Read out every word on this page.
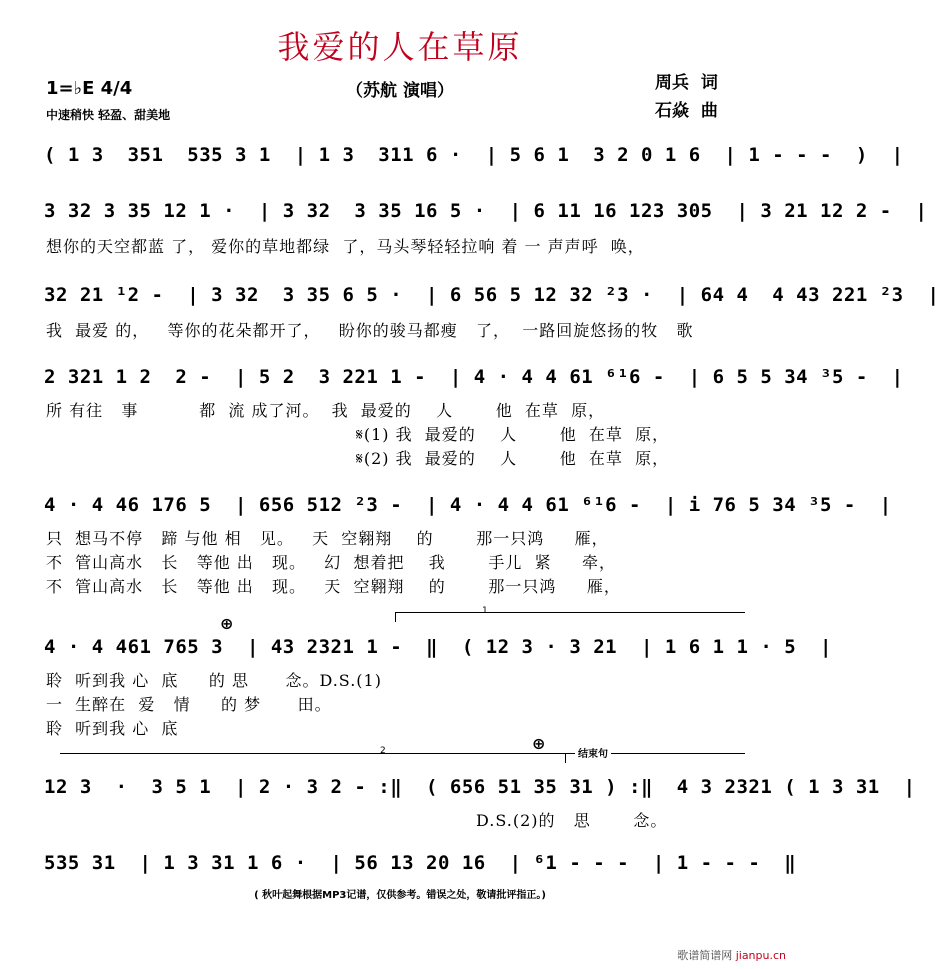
我爱的人在草原
（苏航 演唱）
1=♭E 4/4
中速稍快 轻盈、甜美地
周兵  词
石焱  曲
( 1 3  351  535 3 1  | 1 3  311 6 ·  | 5 6 1  3 2 0 1 6  | 1 - - -  )  |
3 32 3 35 12 1 ·  | 3 32  3 35 16 5 ·  | 6 11 16 123 305  | 3 21 12 2 -  |
想你的天空都蓝 了， 爱你的草地都绿  了，马头琴轻轻拉响 着 一 声声呼  唤，
32 21 ¹2 -  | 3 32  3 35 6 5 ·  | 6 56 5 12 32 ²3 ·  | 64 4  4 43 221 ²3  |
我  最爱 的，   等你的花朵都开了，   盼你的骏马都瘦   了，  一路回旋悠扬的牧   歌
2 321 1 2  2 -  | 5 2  3 221 1 -  | 4 · 4 4 61 ⁶¹6 -  | 6 5 5 34 ³5 -  |
所 有往   事          都  流 成了河。  我  最爱的    人       他  在草  原，
𝄋(1) 我  最爱的    人       他  在草  原，
𝄋(2) 我  最爱的    人       他  在草  原，
4 · 4 46 176 5  | 656 512 ²3 -  | 4 · 4 4 61 ⁶¹6 -  | i 76 5 34 ³5 -  |
只  想马不停   蹄 与他 相   见。   天  空翱翔    的       那一只鸿     雁，
不  管山高水   长   等他 出   现。   幻  想着把    我       手儿  紧     牵，
不  管山高水   长   等他 出   现。   天  空翱翔    的       那一只鸿     雁，
⊕
1
4 · 4 461 765 3  | 43 2321 1 -  ‖  ( 12 3 · 3 21  | 1 6 1 1 · 5  |
聆  听到我 心  底     的 思      念。D.S.(1)
一  生醉在  爱   情     的 梦      田。
聆  听到我 心  底
2	⊕
结束句
12 3  ·  3 5 1  | 2 · 3 2 - :‖  ( 656 51 35 31 ) :‖  4 3 2321 ( 1 3 31  |
D.S.(2)的   思       念。
535 31  | 1 3 31 1 6 ·  | 56 13 20 16  | ⁶1 - - -  | 1 - - -  ‖
( 秋叶起舞根据MP3记谱，仅供参考。错误之处，敬请批评指正。)
歌谱简谱网 jianpu.cn
